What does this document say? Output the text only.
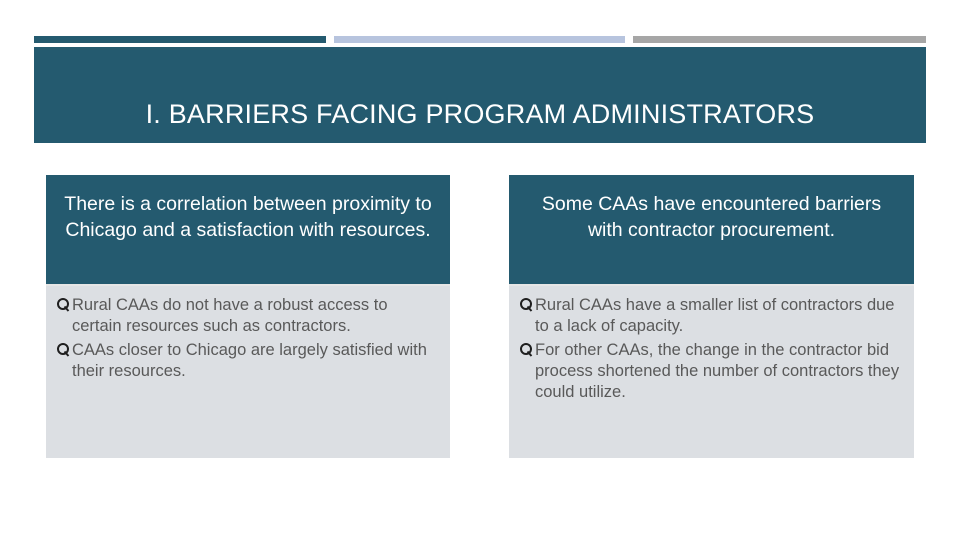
I. BARRIERS FACING PROGRAM ADMINISTRATORS
There is a correlation between proximity to Chicago and a satisfaction with resources.
Rural CAAs do not have a robust access to certain resources such as contractors.
CAAs closer to Chicago are largely satisfied with their resources.
Some CAAs have encountered barriers with contractor procurement.
Rural CAAs have a smaller list of contractors due to a lack of capacity.
For other CAAs, the change in the contractor bid process shortened the number of contractors they could utilize.
